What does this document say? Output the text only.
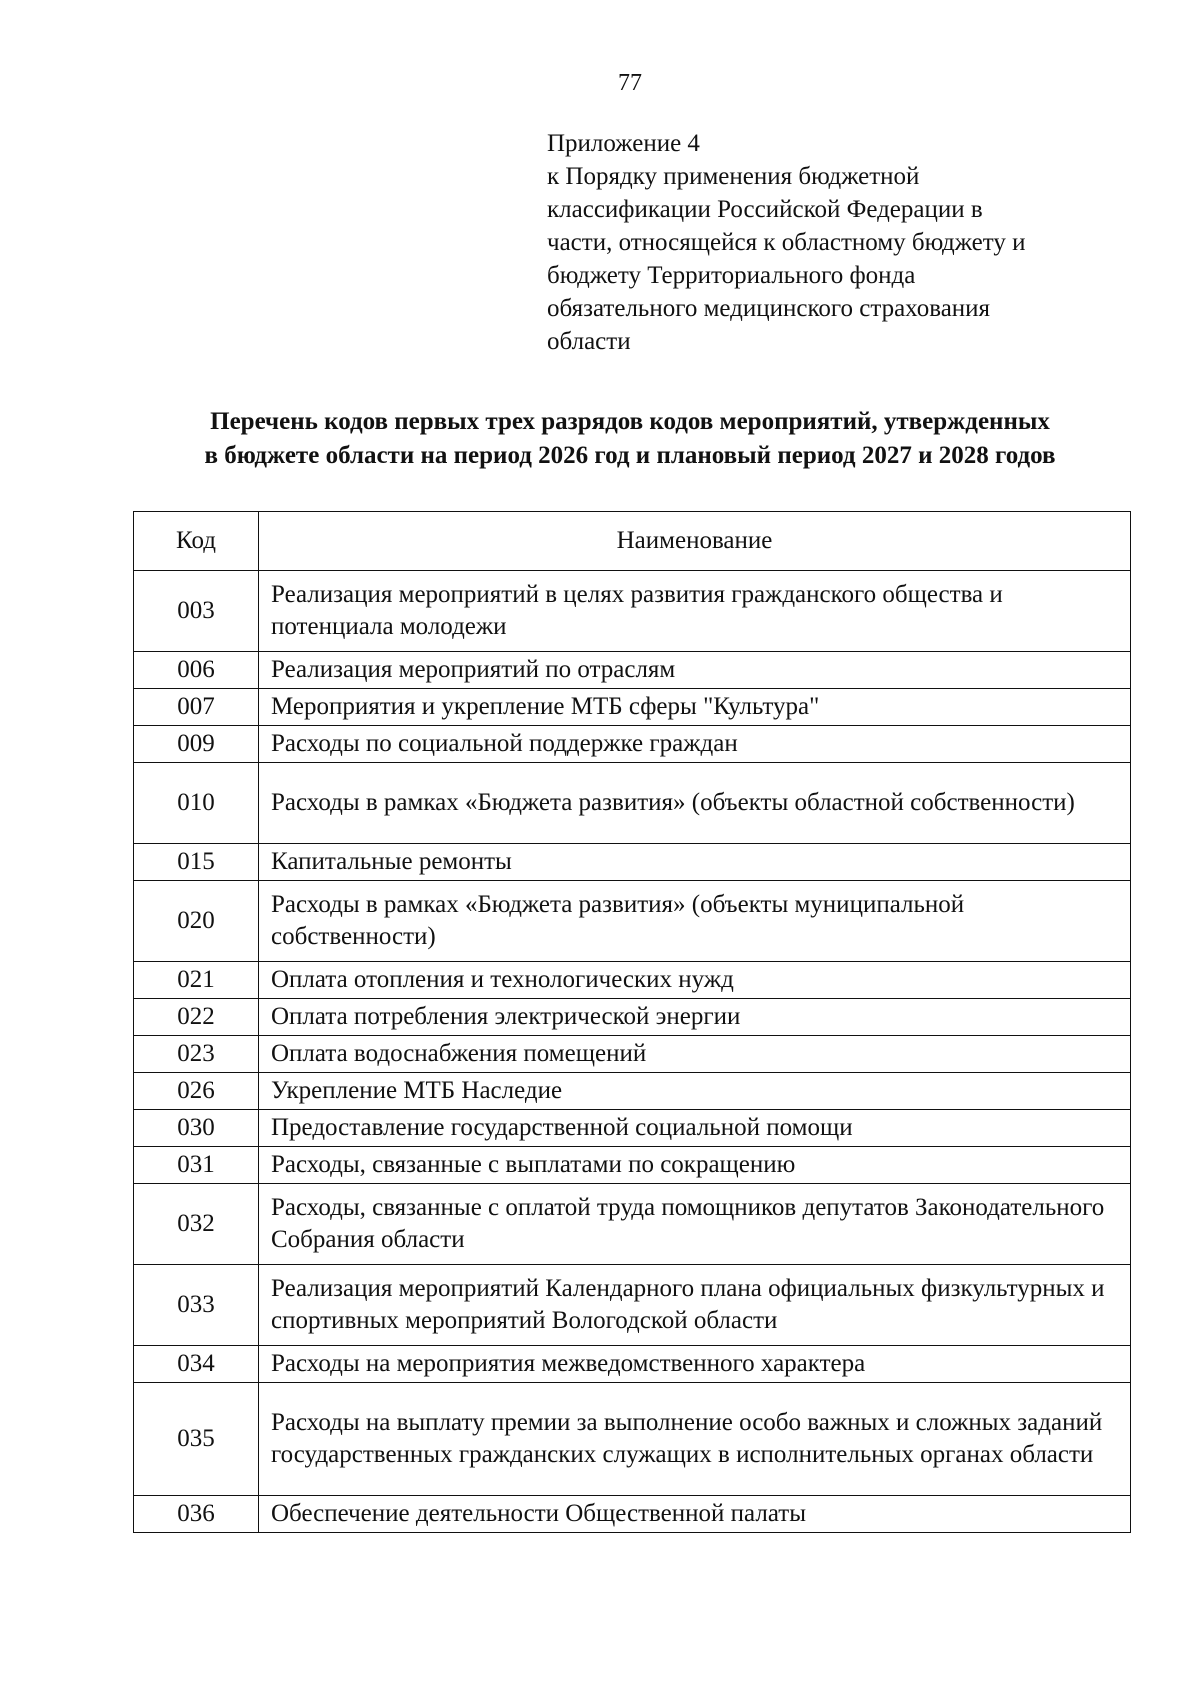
77
Приложение 4
к Порядку применения бюджетной
классификации Российской Федерации в
части, относящейся к областному бюджету и
бюджету Территориального фонда
обязательного медицинского страхования
области
Перечень кодов первых трех разрядов кодов мероприятий, утвержденных
в бюджете области на период 2026 год и плановый период 2027 и 2028 годов
Код	Наименование
003	Реализация мероприятий в целях развития гражданского общества и потенциала молодежи
006	Реализация мероприятий по отраслям
007	Мероприятия и укрепление МТБ сферы "Культура"
009	Расходы по социальной поддержке граждан
010	Расходы в рамках «Бюджета развития» (объекты областной собственности)
015	Капитальные ремонты
020	Расходы в рамках «Бюджета развития» (объекты муниципальной собственности)
021	Оплата отопления и технологических нужд
022	Оплата потребления электрической энергии
023	Оплата водоснабжения помещений
026	Укрепление МТБ Наследие
030	Предоставление государственной социальной помощи
031	Расходы, связанные с выплатами по сокращению
032	Расходы, связанные с оплатой труда помощников депутатов Законодательного Собрания области
033	Реализация мероприятий Календарного плана официальных физкультурных и спортивных мероприятий Вологодской области
034	Расходы на мероприятия межведомственного характера
035	Расходы на выплату премии за выполнение особо важных и сложных заданий государственных гражданских служащих в исполнительных органах области
036	Обеспечение деятельности Общественной палаты
